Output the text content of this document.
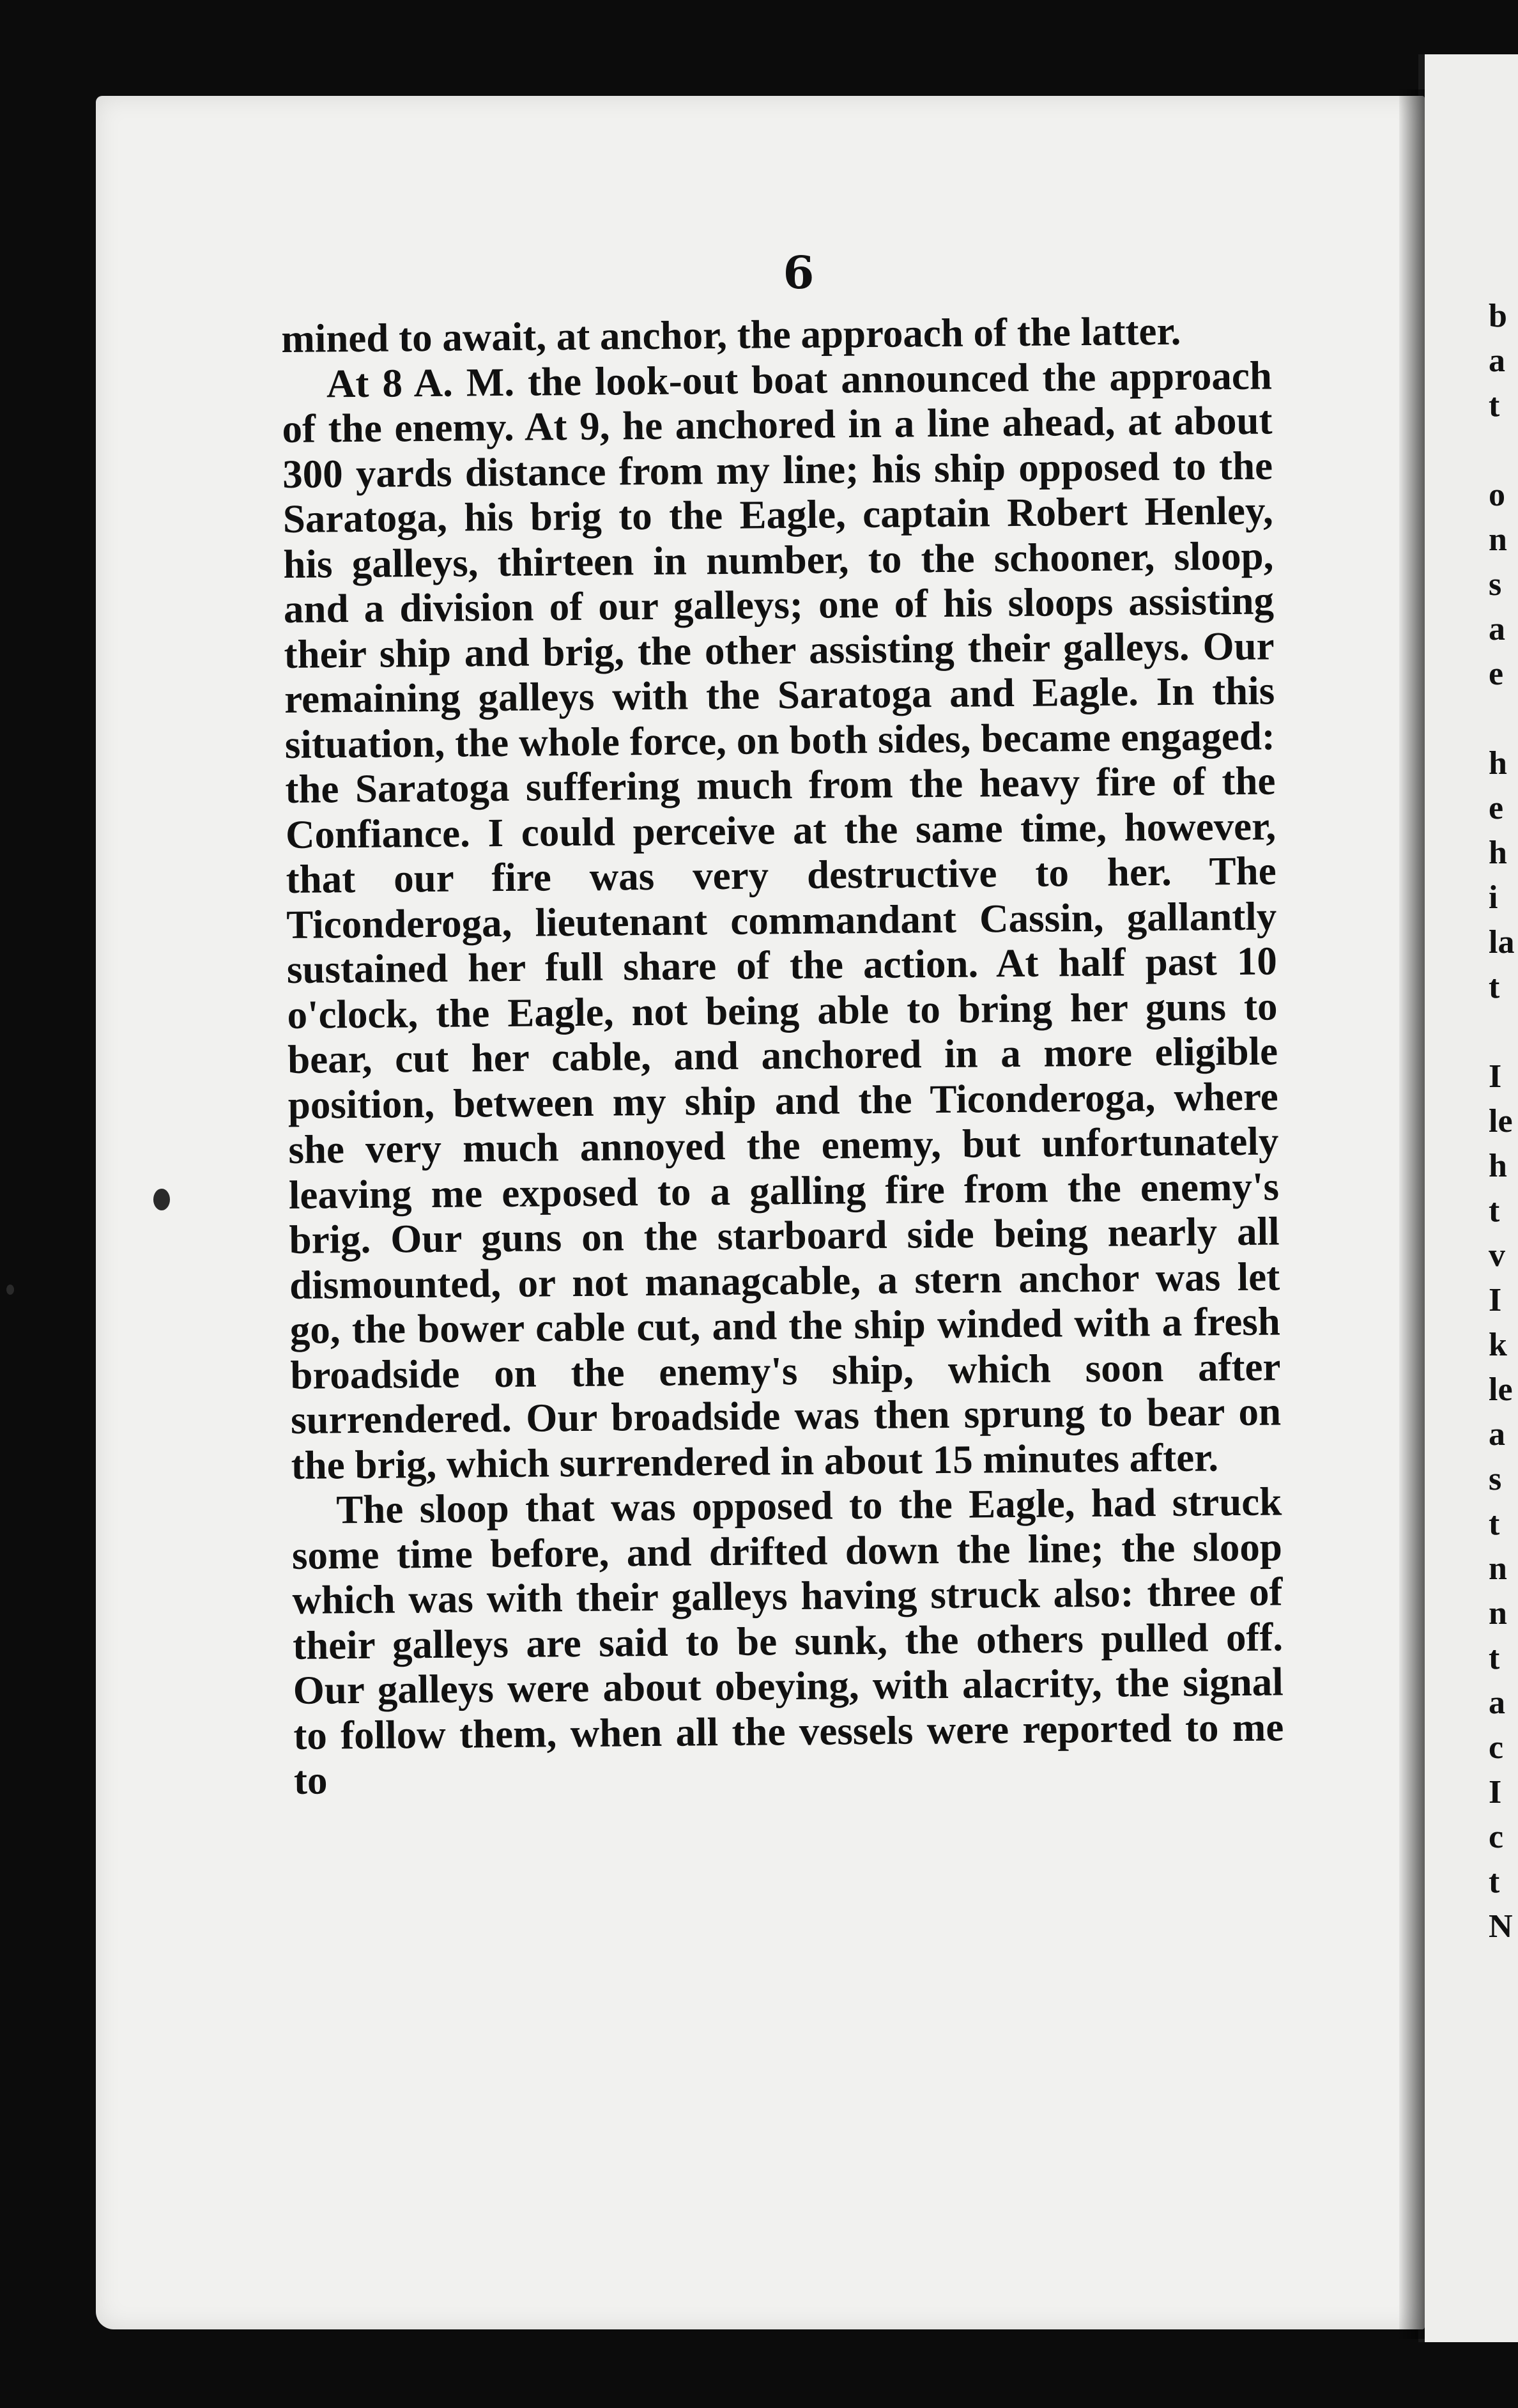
b
a
t
o
n
s
a
e
h
e
h
i
la
t
I
le
h
t
v
I
k
le
a
s
t
n
n
t
a
c
I
c
t
N
6

mined to await, at anchor, the approach of the latter.

At 8 A. M. the look-out boat announced the approach of the enemy. At 9, he anchored in a line ahead, at about 300 yards distance from my line; his ship opposed to the Saratoga, his brig to the Eagle, captain Robert Henley, his galleys, thirteen in number, to the schooner, sloop, and a division of our galleys; one of his sloops assisting their ship and brig, the other assisting their galleys. Our remaining galleys with the Saratoga and Eagle. In this situation, the whole force, on both sides, became engaged: the Saratoga suffering much from the heavy fire of the Confiance. I could perceive at the same time, however, that our fire was very destructive to her. The Ticonderoga, lieutenant commandant Cassin, gallantly sustained her full share of the action. At half past 10 o'clock, the Eagle, not being able to bring her guns to bear, cut her cable, and anchored in a more eligible position, between my ship and the Ticonderoga, where she very much annoyed the enemy, but unfortunately leaving me exposed to a galling fire from the enemy's brig. Our guns on the starboard side being nearly all dismounted, or not managcable, a stern anchor was let go, the bower cable cut, and the ship winded with a fresh broadside on the enemy's ship, which soon after surrendered. Our broadside was then sprung to bear on the brig, which surrendered in about 15 minutes after.

The sloop that was opposed to the Eagle, had struck some time before, and drifted down the line; the sloop which was with their galleys having struck also: three of their galleys are said to be sunk, the others pulled off. Our galleys were about obeying, with alacrity, the signal to follow them, when all the vessels were reported to me to
